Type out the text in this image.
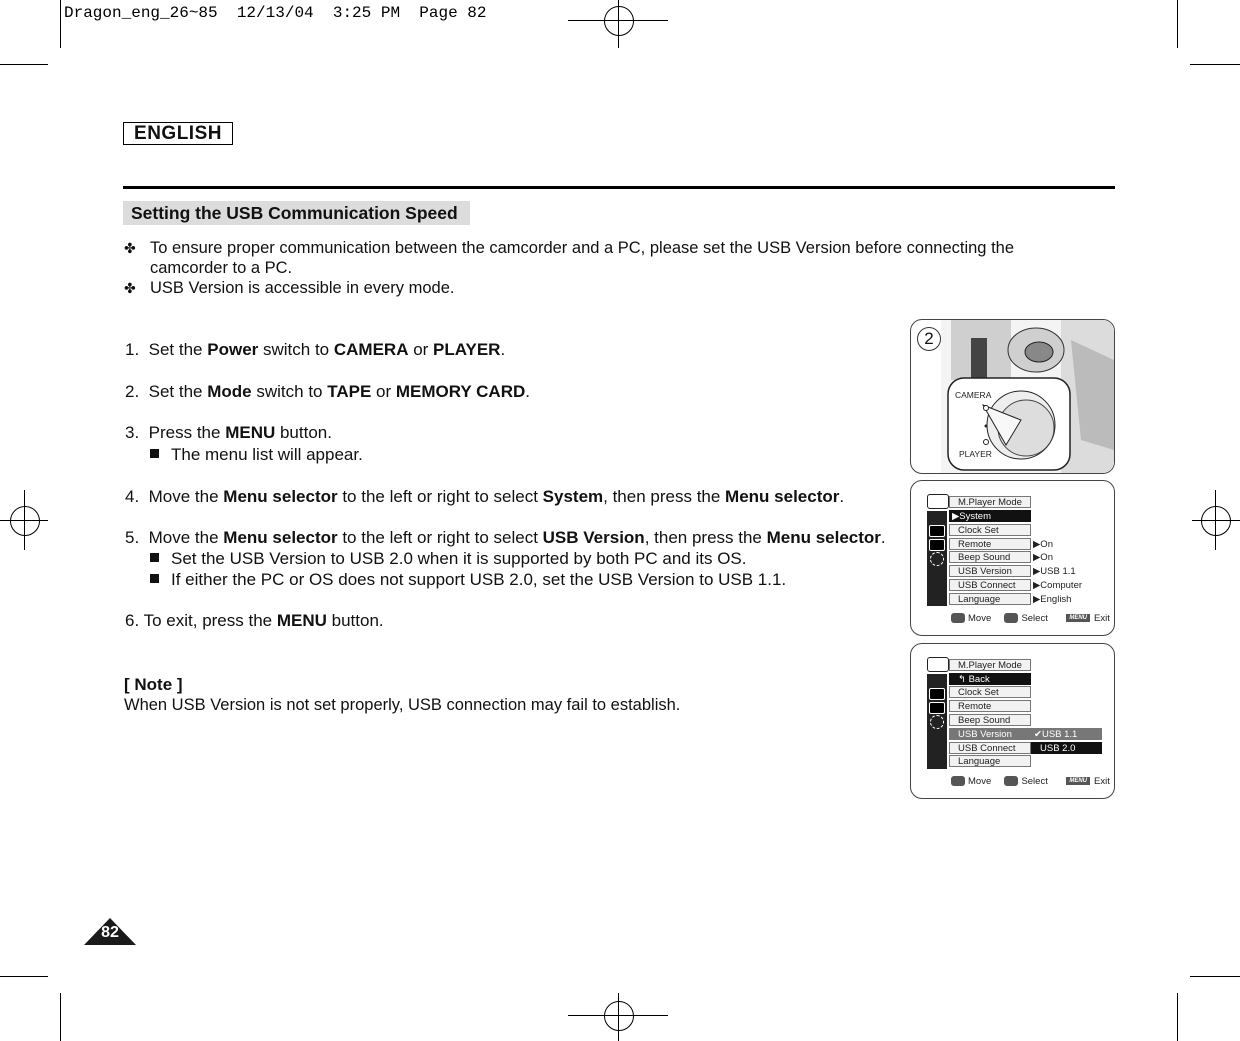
Dragon_eng_26~85  12/13/04  3:25 PM  Page 82
ENGLISH
Setting the USB Communication Speed
✤ To ensure proper communication between the camcorder and a PC, please set the USB Version before connecting the
camcorder to a PC.
✤ USB Version is accessible in every mode.
1. Set the Power switch to CAMERA or PLAYER.
2. Set the Mode switch to TAPE or MEMORY CARD.
3. Press the MENU button.
The menu list will appear.
4. Move the Menu selector to the left or right to select System, then press the Menu selector.
5. Move the Menu selector to the left or right to select USB Version, then press the Menu selector.
Set the USB Version to USB 2.0 when it is supported by both PC and its OS.
If either the PC or OS does not support USB 2.0, set the USB Version to USB 1.1.
6. To exit, press the MENU button.
[ Note ]
When USB Version is not set properly, USB connection may fail to establish.
2
CAMERA
PLAYER
M.Player Mode
▶System
Clock Set
Remote
Beep Sound
USB Version
USB Connect
Language
▶On
▶On
▶USB 1.1
▶Computer
▶English
Move	Select	MENU Exit
M.Player Mode
↰ Back
Clock Set
Remote
Beep Sound
USB Version
USB Connect
Language
✔USB 1.1
USB 2.0
Move	Select	MENU Exit
82
